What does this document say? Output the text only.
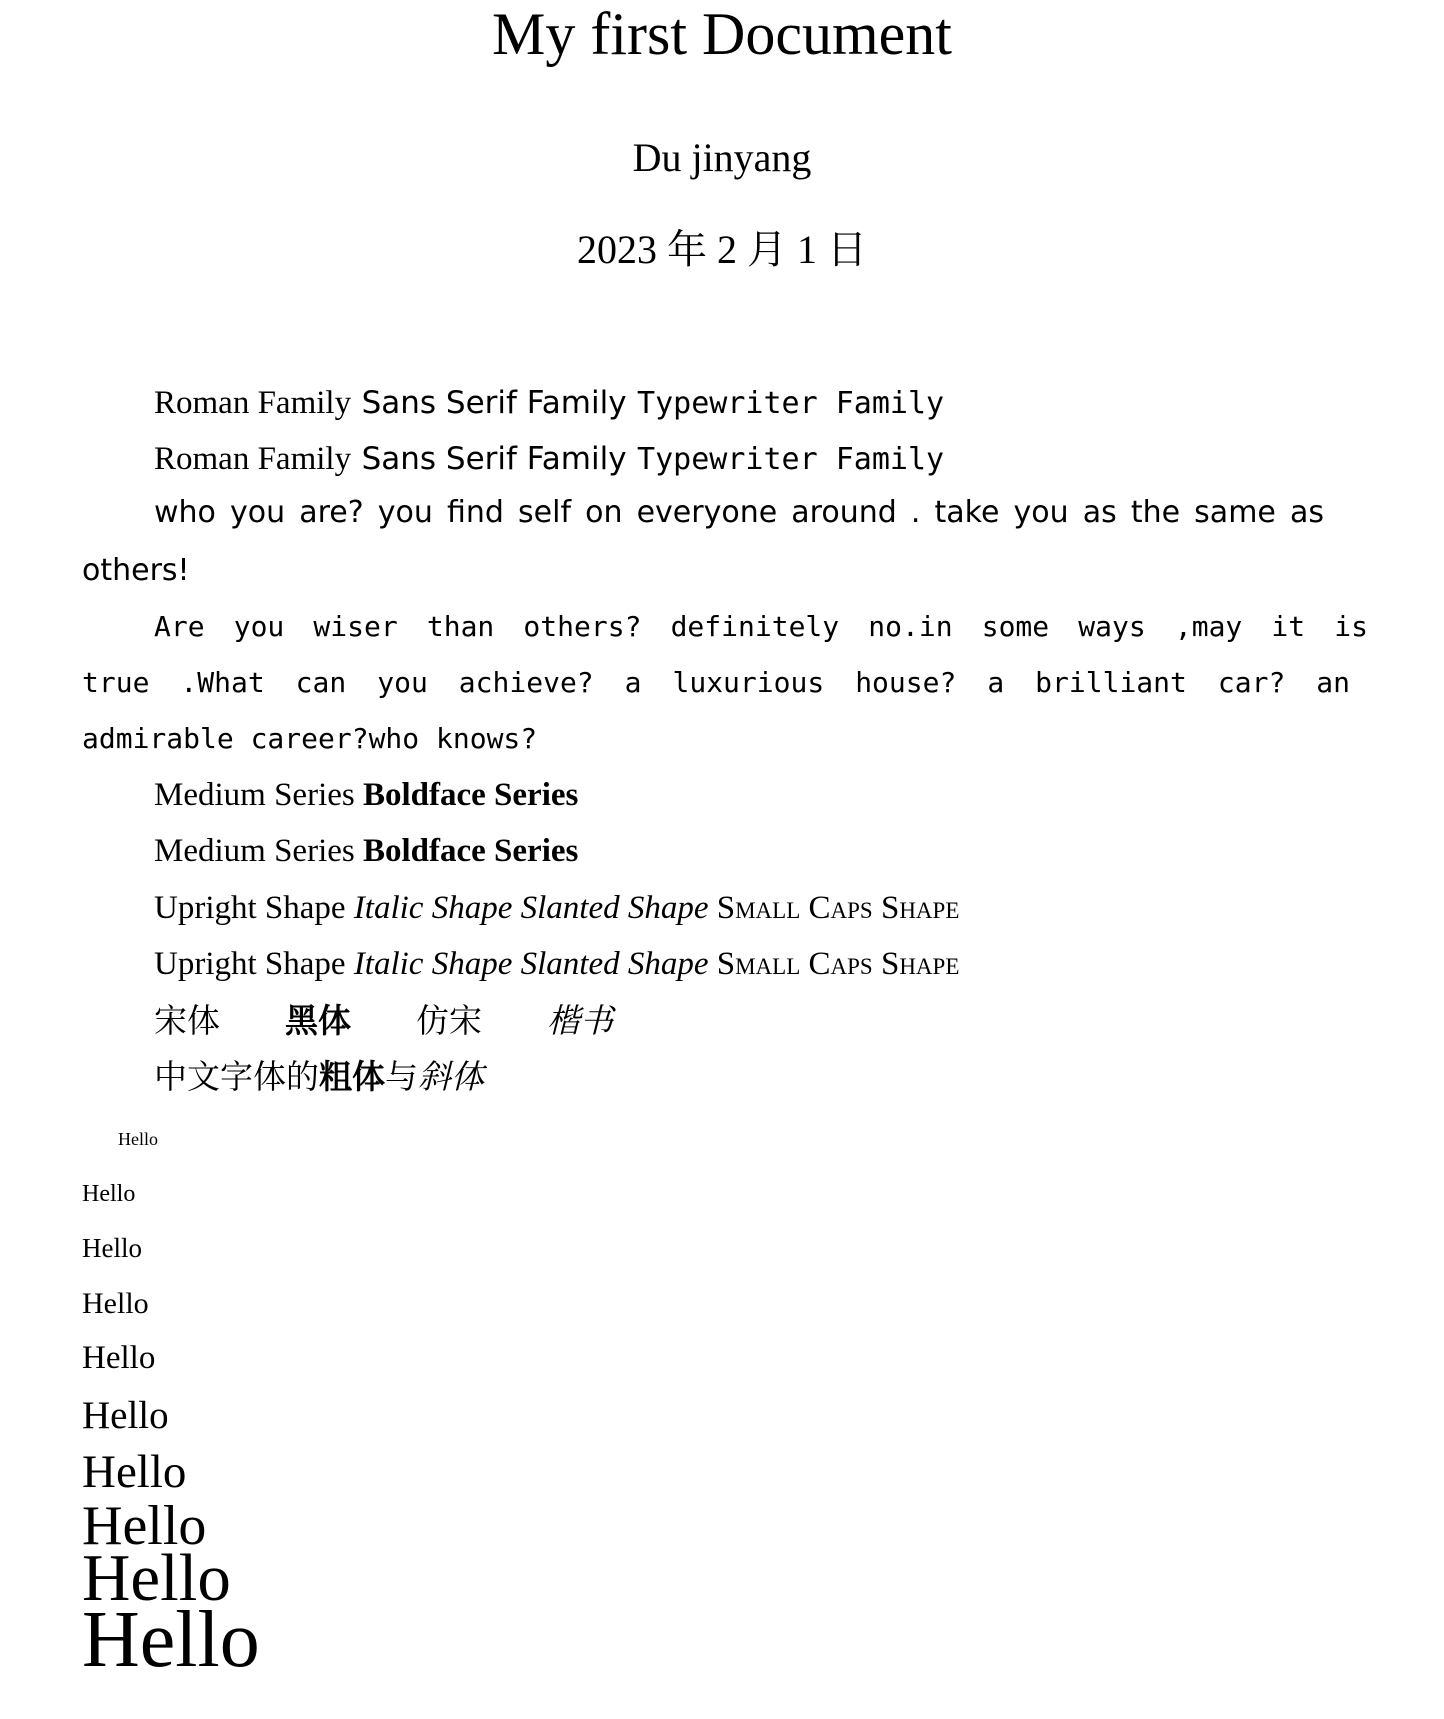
My first Document
Du jinyang
2023 年 2 月 1 日
Roman Family Sans Serif Family Typewriter Family
Roman Family Sans Serif Family Typewriter Family
who you are? you find self on everyone around . take you as the same as
others!
Are you wiser than others? definitely no.in some ways ,may it is
true .What can you achieve? a luxurious house? a brilliant car? an
admirable career?who knows?
Medium Series Boldface Series
Medium Series Boldface Series
Upright Shape Italic Shape Slanted Shape Small Caps Shape
Upright Shape Italic Shape Slanted Shape Small Caps Shape
宋体 黑体 仿宋 楷书
中文字体的粗体与斜体
Hello
Hello
Hello
Hello
Hello
Hello
Hello
Hello
Hello
Hello
